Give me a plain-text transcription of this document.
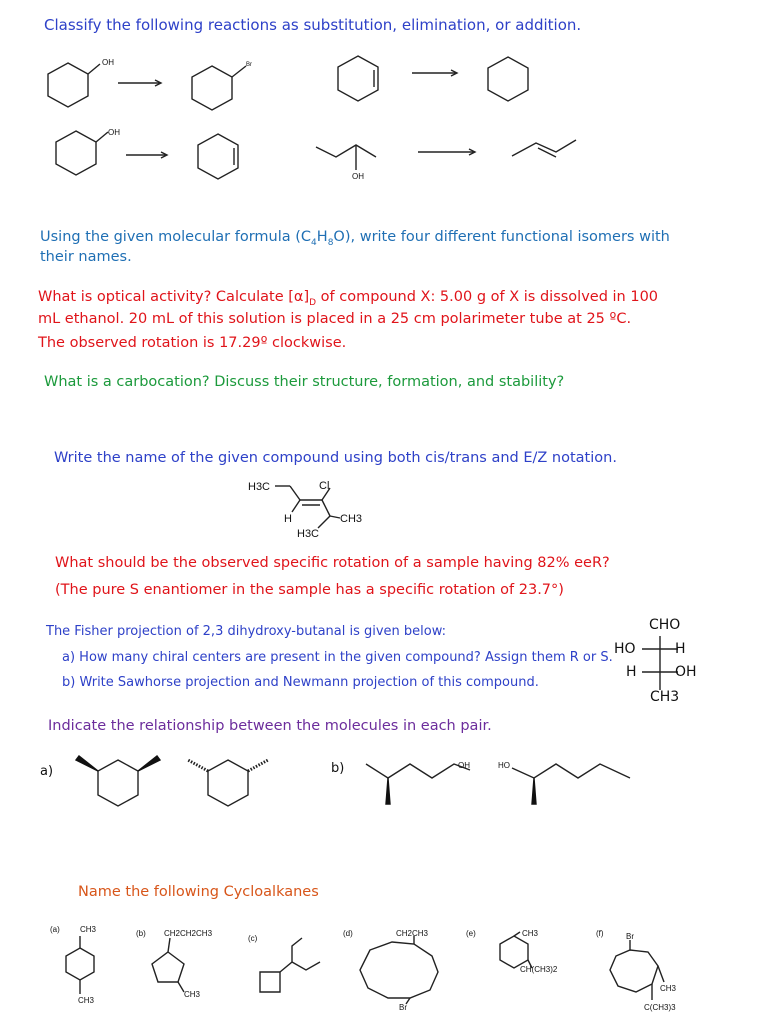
Classify the following reactions as substitution, elimination, or addition.
OH	Br
OH
OH
Using the given molecular formula $(C_4H_8O)$, write four different functional isomers with
their names.
What is optical activity? Calculate $[\alpha]_D$ of compound X: 5.00 g of X is dissolved in 100
mL ethanol. 20 mL of this solution is placed in a 25 cm polarimeter tube at 25 ºC.
The observed rotation is 17.29º clockwise.
What is a carbocation? Discuss their structure, formation, and stability?
Write the name of the given compound using both cis/trans and E/Z notation.
H3C	Cl
H	CH3
H3C
What should be the observed specific rotation of a sample having 82% eeR?
(The pure S enantiomer in the sample has a specific rotation of 23.7°)
The Fisher projection of 2,3 dihydroxy-butanal is given below:
a) How many chiral centers are present in the given compound? Assign them R or S.
b) Write Sawhorse projection and Newmann projection of this compound.
CHO
HO	H
H	OH
CH3
Indicate the relationship between the molecules in each pair.
a)	b)	OH	HO
Name the following Cycloalkanes
(a)	CH3
CH3
(b) CH2CH2CH3
CH3
(c)
(d)	CH2CH3
Br
(e)	CH3
CH(CH3)2
(f)	Br
CH3
C(CH3)3
